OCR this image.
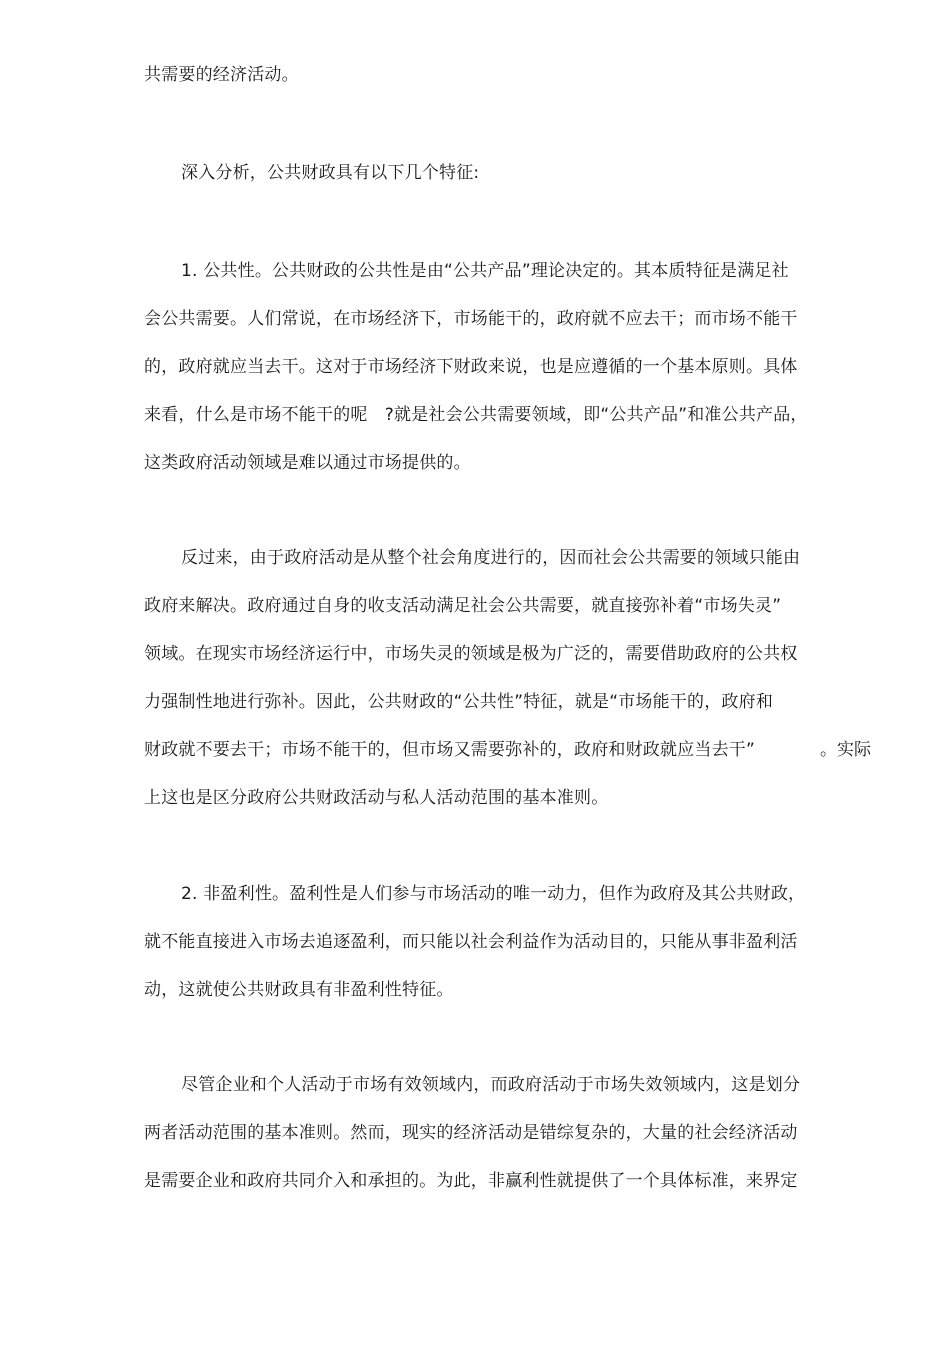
共需要的经济活动。
深入分析，公共财政具有以下几个特征:
1. 公共性。公共财政的公共性是由“公共产品”理论决定的。其本质特征是满足社
会公共需要。人们常说，在市场经济下，市场能干的，政府就不应去干；而市场不能干
的，政府就应当去干。这对于市场经济下财政来说，也是应遵循的一个基本原则。具体
来看，什么是市场不能干的呢　?就是社会公共需要领域，即“公共产品”和准公共产品，
这类政府活动领域是难以通过市场提供的。
反过来，由于政府活动是从整个社会角度进行的，因而社会公共需要的领域只能由
政府来解决。政府通过自身的收支活动满足社会公共需要，就直接弥补着“市场失灵”
领域。在现实市场经济运行中，市场失灵的领域是极为广泛的，需要借助政府的公共权
力强制性地进行弥补。因此，公共财政的“公共性”特征，就是“市场能干的，政府和
财政就不要去干；市场不能干的，但市场又需要弥补的，政府和财政就应当去干”	。实际
上这也是区分政府公共财政活动与私人活动范围的基本准则。
2. 非盈利性。盈利性是人们参与市场活动的唯一动力，但作为政府及其公共财政，
就不能直接进入市场去追逐盈利，而只能以社会利益作为活动目的，只能从事非盈利活
动，这就使公共财政具有非盈利性特征。
尽管企业和个人活动于市场有效领域内，而政府活动于市场失效领域内，这是划分
两者活动范围的基本准则。然而，现实的经济活动是错综复杂的，大量的社会经济活动
是需要企业和政府共同介入和承担的。为此，非赢利性就提供了一个具体标准，来界定
